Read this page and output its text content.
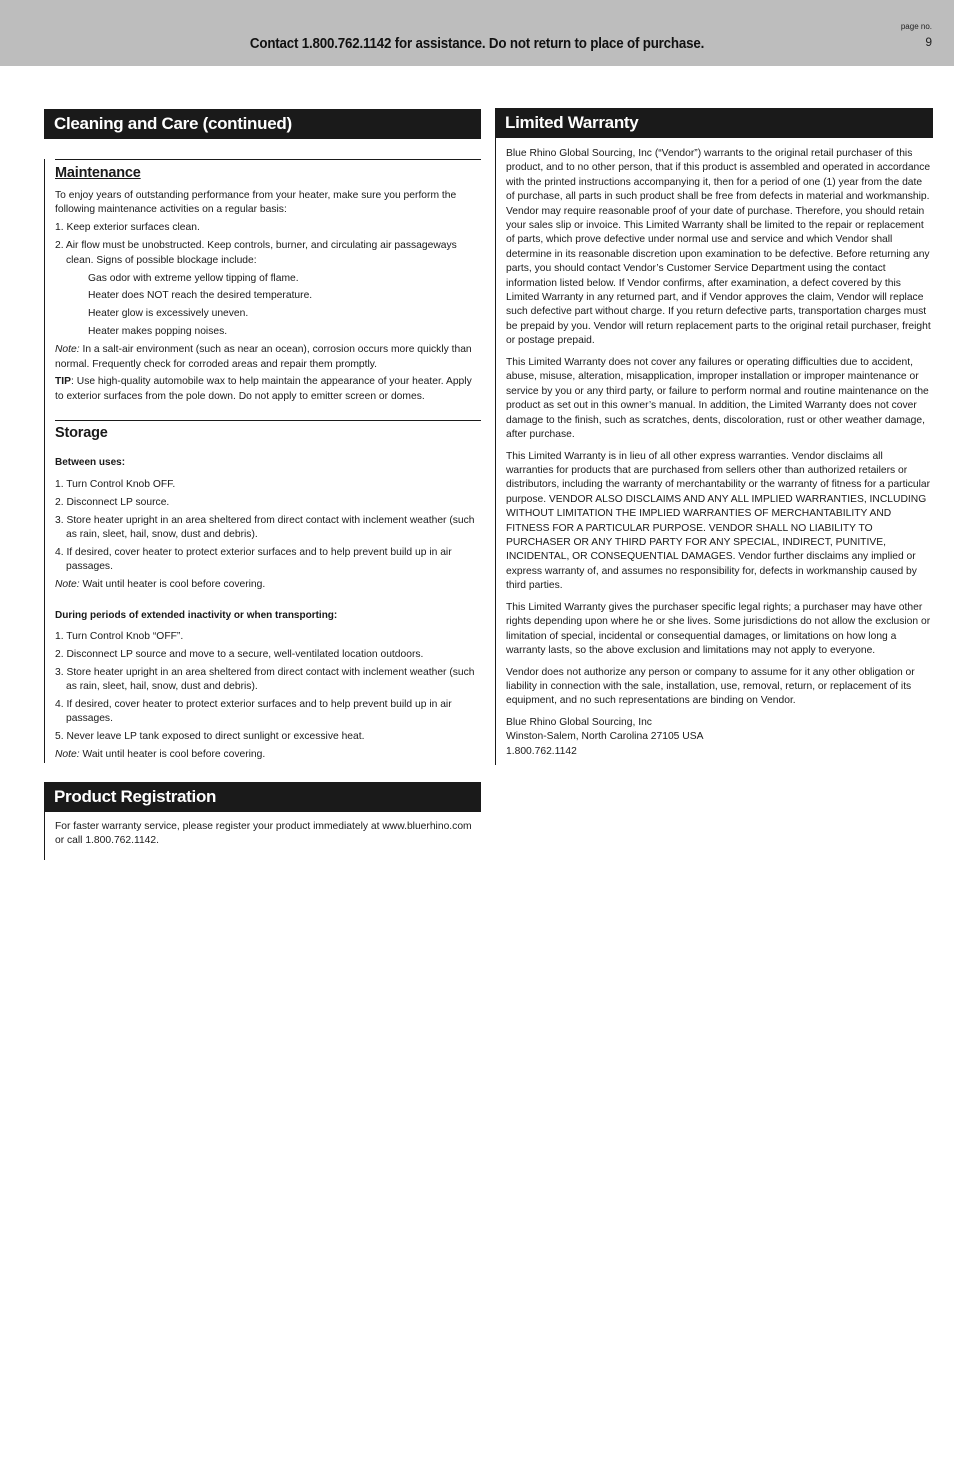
Contact 1.800.762.1142 for assistance. Do not return to place of purchase.
page no.
9
Cleaning and Care (continued)
Maintenance

To enjoy years of outstanding performance from your heater, make sure you perform the following maintenance activities on a regular basis:

1. Keep exterior surfaces clean.
2. Air flow must be unobstructed. Keep controls, burner, and circulating air passageways clean. Signs of possible blockage include:
Gas odor with extreme yellow tipping of flame.
Heater does NOT reach the desired temperature.
Heater glow is excessively uneven.
Heater makes popping noises.

Note: In a salt-air environment (such as near an ocean), corrosion occurs more quickly than normal. Frequently check for corroded areas and repair them promptly.

TIP: Use high-quality automobile wax to help maintain the appearance of your heater. Apply to exterior surfaces from the pole down. Do not apply to emitter screen or domes.

Storage
Between uses:
1. Turn Control Knob OFF.
2. Disconnect LP source.
3. Store heater upright in an area sheltered from direct contact with inclement weather (such as rain, sleet, hail, snow, dust and debris).
4. If desired, cover heater to protect exterior surfaces and to help prevent build up in air passages.

Note: Wait until heater is cool before covering.

During periods of extended inactivity or when transporting:
1. Turn Control Knob “OFF”.
2. Disconnect LP source and move to a secure, well-ventilated location outdoors.
3. Store heater upright in an area sheltered from direct contact with inclement weather (such as rain, sleet, hail, snow, dust and debris).
4. If desired, cover heater to protect exterior surfaces and to help prevent build up in air passages.
5. Never leave LP tank exposed to direct sunlight or excessive heat.

Note: Wait until heater is cool before covering.

Product Registration

For faster warranty service, please register your product immediately at www.bluerhino.com or call 1.800.762.1142.

Limited Warranty

Blue Rhino Global Sourcing, Inc (“Vendor”) warrants to the original retail purchaser of this product, and to no other person, that if this product is assembled and operated in accordance with the printed instructions accompanying it, then for a period of one (1) year from the date of purchase, all parts in such product shall be free from defects in material and workmanship. Vendor may require reasonable proof of your date of purchase. Therefore, you should retain your sales slip or invoice. This Limited Warranty shall be limited to the repair or replacement of parts, which prove defective under normal use and service and which Vendor shall determine in its reasonable discretion upon examination to be defective. Before returning any parts, you should contact Vendor’s Customer Service Department using the contact information listed below. If Vendor confirms, after examination, a defect covered by this Limited Warranty in any returned part, and if Vendor approves the claim, Vendor will replace such defective part without charge. If you return defective parts, transportation charges must be prepaid by you. Vendor will return replacement parts to the original retail purchaser, freight or postage prepaid.

This Limited Warranty does not cover any failures or operating difficulties due to accident, abuse, misuse, alteration, misapplication, improper installation or improper maintenance or service by you or any third party, or failure to perform normal and routine maintenance on the product as set out in this owner’s manual. In addition, the Limited Warranty does not cover damage to the finish, such as scratches, dents, discoloration, rust or other weather damage, after purchase.

This Limited Warranty is in lieu of all other express warranties. Vendor disclaims all warranties for products that are purchased from sellers other than authorized retailers or distributors, including the warranty of merchantability or the warranty of fitness for a particular purpose. VENDOR ALSO DISCLAIMS AND ANY ALL IMPLIED WARRANTIES, INCLUDING WITHOUT LIMITATION THE IMPLIED WARRANTIES OF MERCHANTABILITY AND FITNESS FOR A PARTICULAR PURPOSE. VENDOR SHALL NO LIABILITY TO PURCHASER OR ANY THIRD PARTY FOR ANY SPECIAL, INDIRECT, PUNITIVE, INCIDENTAL, OR CONSEQUENTIAL DAMAGES. Vendor further disclaims any implied or express warranty of, and assumes no responsibility for, defects in workmanship caused by third parties.

This Limited Warranty gives the purchaser specific legal rights; a purchaser may have other rights depending upon where he or she lives. Some jurisdictions do not allow the exclusion or limitation of special, incidental or consequential damages, or limitations on how long a warranty lasts, so the above exclusion and limitations may not apply to everyone.

Vendor does not authorize any person or company to assume for it any other obligation or liability in connection with the sale, installation, use, removal, return, or replacement of its equipment, and no such representations are binding on Vendor.

Blue Rhino Global Sourcing, Inc

Winston-Salem, North Carolina 27105 USA

1.800.762.1142
